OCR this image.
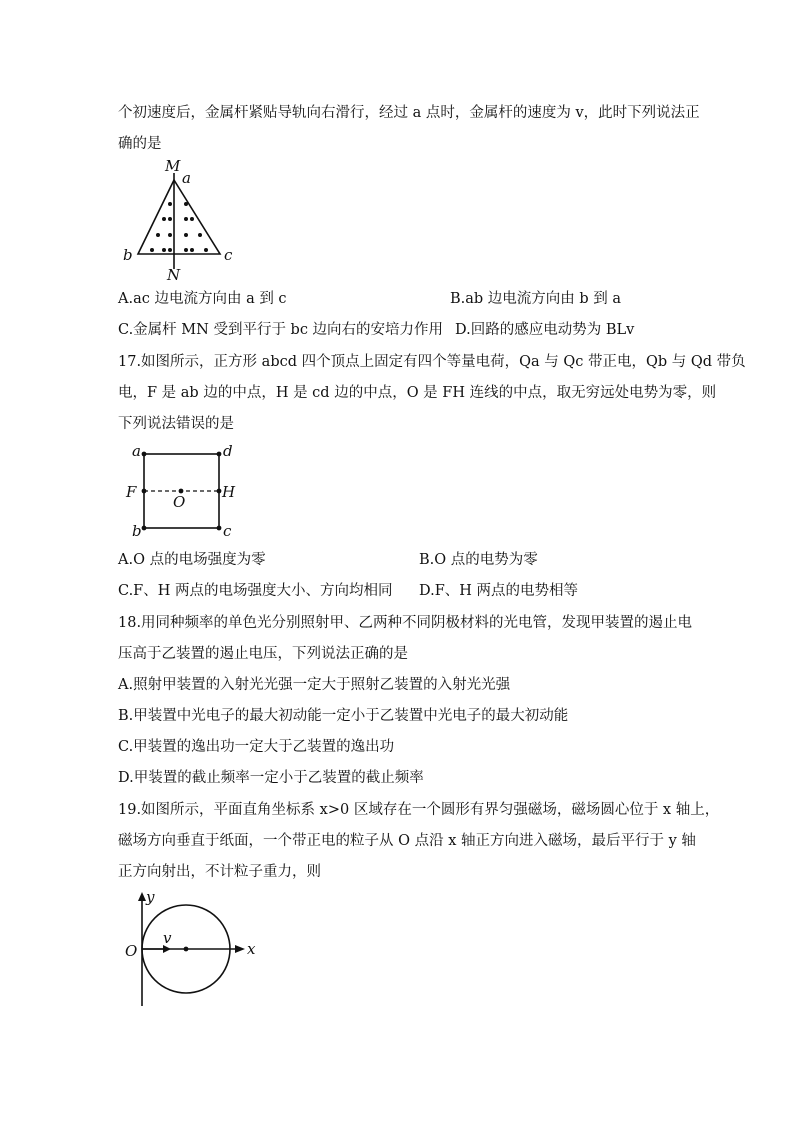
个初速度后，金属杆紧贴导轨向右滑行，经过 a 点时，金属杆的速度为 v，此时下列说法正
确的是
M
a
b	c
N
A.ac 边电流方向由 a 到 c	B.ab 边电流方向由 b 到 a
C.金属杆 MN 受到平行于 bc 边向右的安培力作用 D.回路的感应电动势为 BLv
17.如图所示，正方形 abcd 四个顶点上固定有四个等量电荷，Qa 与 Qc 带正电，Qb 与 Qd 带负
电，F 是 ab 边的中点，H 是 cd 边的中点，O 是 FH 连线的中点，取无穷远处电势为零，则
下列说法错误的是
a	d
F
O
H
b	c
A.O 点的电场强度为零	B.O 点的电势为零
C.F、H 两点的电场强度大小、方向均相同 D.F、H 两点的电势相等
18.用同种频率的单色光分别照射甲、乙两种不同阴极材料的光电管，发现甲装置的遏止电
压高于乙装置的遏止电压，下列说法正确的是
A.照射甲装置的入射光光强一定大于照射乙装置的入射光光强
B.甲装置中光电子的最大初动能一定小于乙装置中光电子的最大初动能
C.甲装置的逸出功一定大于乙装置的逸出功
D.甲装置的截止频率一定小于乙装置的截止频率
19.如图所示，平面直角坐标系 x>0 区域存在一个圆形有界匀强磁场，磁场圆心位于 x 轴上，
磁场方向垂直于纸面，一个带正电的粒子从 O 点沿 x 轴正方向进入磁场，最后平行于 y 轴
正方向射出，不计粒子重力，则
y
O
v
x
